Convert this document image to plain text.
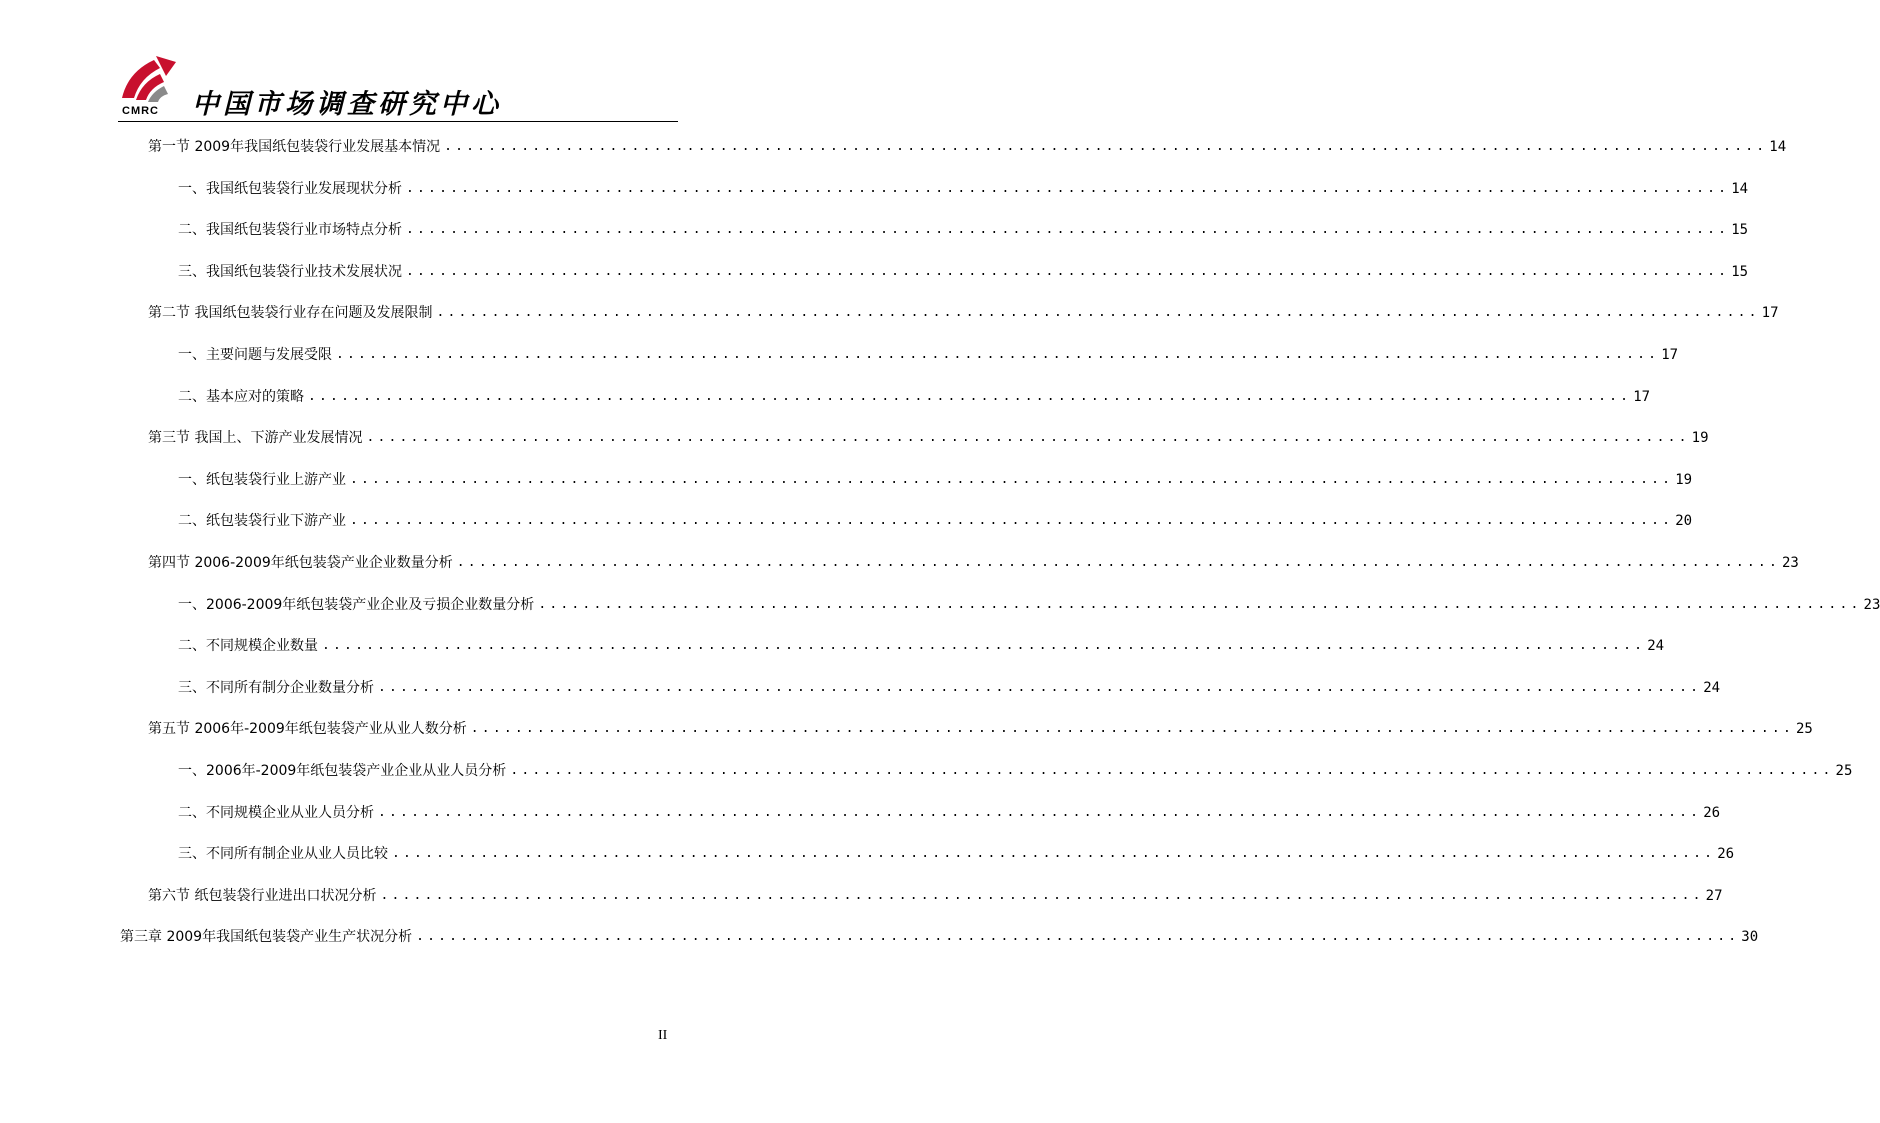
CMRC 中国市场调查研究中心
第一节 2009年我国纸包装袋行业发展基本情况 ........................................................................................................................ 14
一、我国纸包装袋行业发展现状分析 ........................................................................................................................ 14
二、我国纸包装袋行业市场特点分析 ........................................................................................................................ 15
三、我国纸包装袋行业技术发展状况 ........................................................................................................................ 15
第二节 我国纸包装袋行业存在问题及发展限制 ........................................................................................................................ 17
一、主要问题与发展受限 ........................................................................................................................ 17
二、基本应对的策略 ........................................................................................................................ 17
第三节 我国上、下游产业发展情况 ........................................................................................................................ 19
一、纸包装袋行业上游产业 ........................................................................................................................ 19
二、纸包装袋行业下游产业 ........................................................................................................................ 20
第四节 2006-2009年纸包装袋产业企业数量分析 ........................................................................................................................ 23
一、2006-2009年纸包装袋产业企业及亏损企业数量分析 ........................................................................................................................ 23
二、不同规模企业数量 ........................................................................................................................ 24
三、不同所有制分企业数量分析 ........................................................................................................................ 24
第五节 2006年-2009年纸包装袋产业从业人数分析 ........................................................................................................................ 25
一、2006年-2009年纸包装袋产业企业从业人员分析 ........................................................................................................................ 25
二、不同规模企业从业人员分析 ........................................................................................................................ 26
三、不同所有制企业从业人员比较 ........................................................................................................................ 26
第六节 纸包装袋行业进出口状况分析 ........................................................................................................................ 27
第三章 2009年我国纸包装袋产业生产状况分析 ........................................................................................................................ 30
II
